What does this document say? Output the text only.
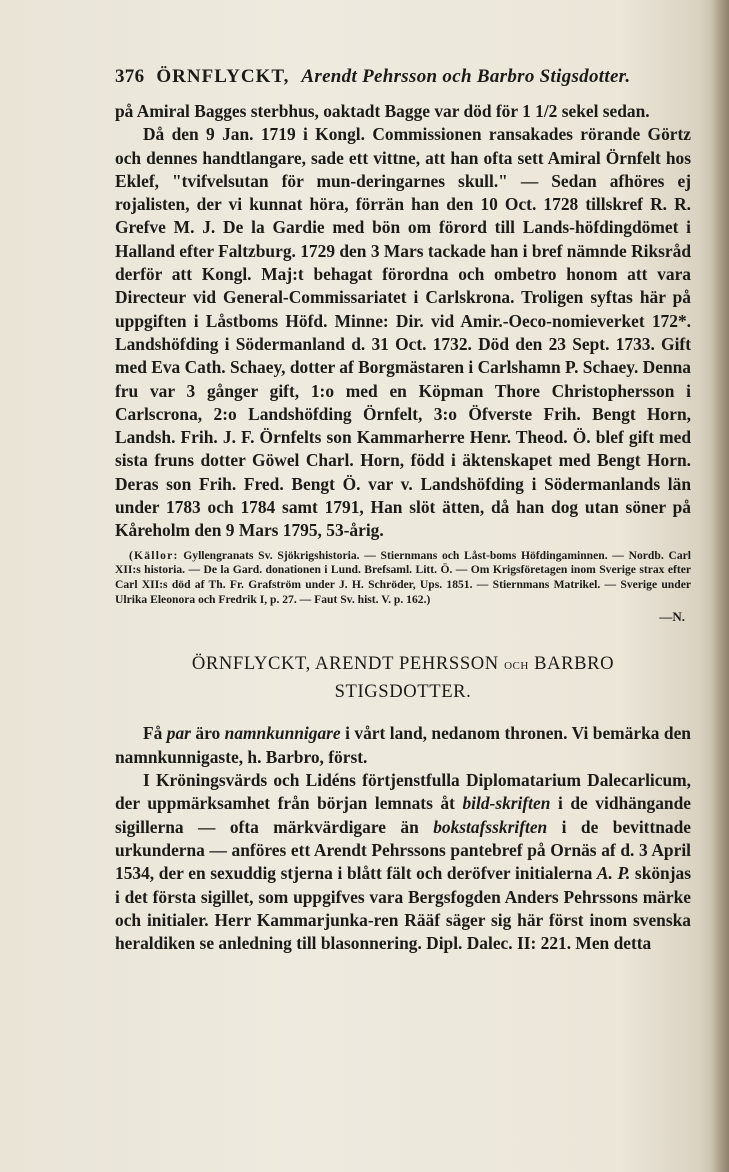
376 ÖRNFLYCKT, Arendt Pehrsson och Barbro Stigsdotter.

på Amiral Bagges sterbhus, oaktadt Bagge var död för 1 1/2 sekel sedan.

Då den 9 Jan. 1719 i Kongl. Commissionen ransakades rörande Görtz och dennes handtlangare, sade ett vittne, att han ofta sett Amiral Örnfelt hos Eklef, "tvifvelsutan för mun-deringarnes skull." — Sedan afhöres ej rojalisten, der vi kunnat höra, förrän han den 10 Oct. 1728 tillskref R. R. Grefve M. J. De la Gardie med bön om förord till Lands-höfdingdömet i Halland efter Faltzburg. 1729 den 3 Mars tackade han i bref nämnde Riksråd derför att Kongl. Maj:t behagat förordna och ombetro honom att vara Directeur vid General-Commissariatet i Carlskrona. Troligen syftas här på uppgiften i Låstboms Höfd. Minne: Dir. vid Amir.-Oeco-nomieverket 172*. Landshöfding i Södermanland d. 31 Oct. 1732. Död den 23 Sept. 1733. Gift med Eva Cath. Schaey, dotter af Borgmästaren i Carlshamn P. Schaey. Denna fru var 3 gånger gift, 1:o med en Köpman Thore Christophersson i Carlscrona, 2:o Landshöfding Örnfelt, 3:o Öfverste Frih. Bengt Horn, Landsh. Frih. J. F. Örnfelts son Kammarherre Henr. Theod. Ö. blef gift med sista fruns dotter Göwel Charl. Horn, född i äktenskapet med Bengt Horn. Deras son Frih. Fred. Bengt Ö. var v. Landshöfding i Södermanlands län under 1783 och 1784 samt 1791, Han slöt ätten, då han dog utan söner på Kåreholm den 9 Mars 1795, 53-årig.

(Källor: Gyllengranats Sv. Sjökrigshistoria. — Stiernmans och Låst-boms Höfdingaminnen. — Nordb. Carl XII:s historia. — De la Gard. donationen i Lund. Brefsaml. Litt. Ö. — Om Krigsföretagen inom Sverige strax efter Carl XII:s död af Th. Fr. Grafström under J. H. Schröder, Ups. 1851. — Stiernmans Matrikel. — Sverige under Ulrika Eleonora och Fredrik I, p. 27. — Faut Sv. hist. V. p. 162.)
—N.
ÖRNFLYCKT, ARENDT PEHRSSON OCH BARBRO
STIGSDOTTER.

Få par äro namnkunnigare i vårt land, nedanom thronen. Vi bemärka den namnkunnigaste, h. Barbro, först.

I Kröningsvärds och Lidéns förtjenstfulla Diplomatarium Dalecarlicum, der uppmärksamhet från början lemnats åt bild-skriften i de vidhängande sigillerna — ofta märkvärdigare än bokstafsskriften i de bevittnade urkunderna — anföres ett Arendt Pehrssons pantebref på Ornäs af d. 3 April 1534, der en sexuddig stjerna i blått fält och deröfver initialerna A. P. skönjas i det första sigillet, som uppgifves vara Bergsfogden Anders Pehrssons märke och initialer. Herr Kammarjunka-ren Rääf säger sig här först inom svenska heraldiken se anledning till blasonnering. Dipl. Dalec. II: 221. Men detta
